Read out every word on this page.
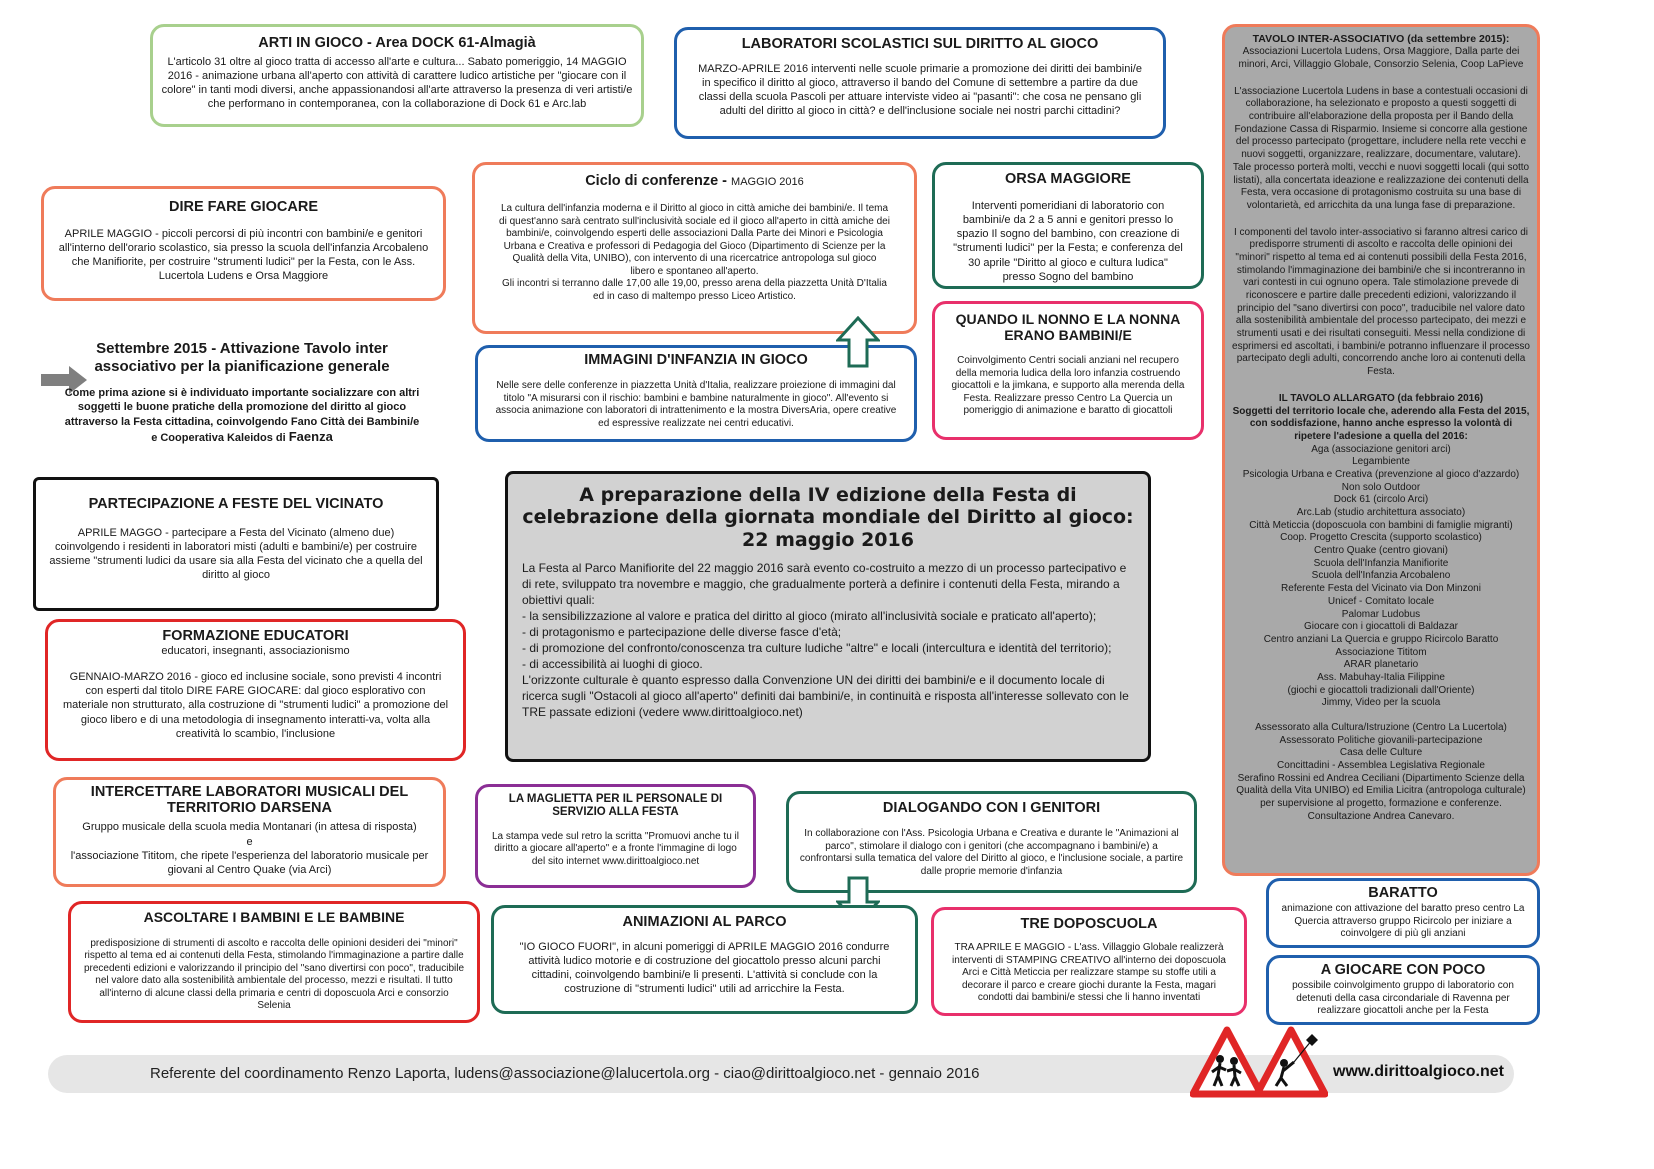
ARTI IN GIOCO - Area DOCK 61-Almagià

L'articolo 31 oltre al gioco tratta di accesso all'arte e cultura... Sabato pomeriggio, 14 MAGGIO 2016 - animazione urbana all'aperto con attività di carattere ludico artistiche per "giocare con il colore" in tanti modi diversi, anche appassionandosi all'arte attraverso la presenza di veri artisti/e che performano in contemporanea, con la collaborazione di Dock 61 e Arc.lab

LABORATORI SCOLASTICI SUL DIRITTO AL GIOCO

MARZO-APRILE 2016 interventi nelle scuole primarie a promozione dei diritti dei bambini/e in specifico il diritto al gioco, attraverso il bando del Comune di settembre a partire da due classi della scuola Pascoli per attuare interviste video ai "pasanti": che cosa ne pensano gli adulti del diritto al gioco in città? e dell'inclusione sociale nei nostri parchi cittadini?

DIRE FARE GIOCARE

APRILE MAGGIO - piccoli percorsi di più incontri con bambini/e e genitori all'interno dell'orario scolastico, sia presso la scuola dell'infanzia Arcobaleno che Manifiorite, per costruire "strumenti ludici" per la Festa, con le Ass. Lucertola Ludens e Orsa Maggiore

Ciclo di conferenze - MAGGIO 2016

La cultura dell'infanzia moderna e il Diritto al gioco in città amiche dei bambini/e. Il tema di quest'anno sarà centrato sull'inclusività sociale ed il gioco all'aperto in città amiche dei bambini/e, coinvolgendo esperti delle associazioni Dalla Parte dei Minori e Psicologia Urbana e Creativa e professori di Pedagogia del Gioco (Dipartimento di Scienze per la Qualità della Vita, UNIBO), con intervento di una ricercatrice antropologa sul gioco libero e spontaneo all'aperto.

Gli incontri si terranno dalle 17,00 alle 19,00, presso arena della piazzetta Unità D'Italia ed in caso di maltempo presso Liceo Artistico.

ORSA MAGGIORE

Interventi pomeridiani di laboratorio con bambini/e da 2 a 5 anni e genitori presso lo spazio Il sogno del bambino, con creazione di "strumenti ludici" per la Festa; e conferenza del 30 aprile "Diritto al gioco e cultura ludica" presso Sogno del bambino

Settembre 2015 - Attivazione Tavolo inter associativo per la pianificazione generale
Come prima azione si è individuato importante socializzare con altri soggetti le buone pratiche della promozione del diritto al gioco attraverso la Festa cittadina, coinvolgendo Fano Città dei Bambini/e e Cooperativa Kaleidos di Faenza
QUANDO IL NONNO E LA NONNA ERANO BAMBINI/E

Coinvolgimento Centri sociali anziani nel recupero della memoria ludica della loro infanzia costruendo giocattoli e la jimkana, e supporto alla merenda della Festa. Realizzare presso Centro La Quercia un pomeriggio di animazione e baratto di giocattoli

IMMAGINI D'INFANZIA IN GIOCO

Nelle sere delle conferenze in piazzetta Unità d'Italia, realizzare proiezione di immagini dal titolo "A misurarsi con il rischio: bambini e bambine naturalmente in gioco". All'evento si associa animazione con laboratori di intrattenimento e la mostra DiversAria, opere creative ed espressive realizzate nei centri educativi.

PARTECIPAZIONE A FESTE DEL VICINATO

APRILE MAGGO - partecipare a Festa del Vicinato (almeno due) coinvolgendo i residenti in laboratori misti (adulti e bambini/e) per costruire assieme "strumenti ludici da usare sia alla Festa del vicinato che a quella del diritto al gioco

A preparazione della IV edizione della Festa di celebrazione della giornata mondiale del Diritto al gioco: 22 maggio 2016

La Festa al Parco Manifiorite del 22 maggio 2016 sarà evento co-costruito a mezzo di un processo partecipativo e di rete, sviluppato tra novembre e maggio, che gradualmente porterà a definire i contenuti della Festa, mirando a obiettivi quali:

- la sensibilizzazione al valore e pratica del diritto al gioco (mirato all'inclusività sociale e praticato all'aperto);

- di protagonismo e partecipazione delle diverse fasce d'età;

- di promozione del confronto/conoscenza tra culture ludiche "altre" e locali (intercultura e identità del territorio);

- di accessibilità ai luoghi di gioco.

L'orizzonte culturale è quanto espresso dalla Convenzione UN dei diritti dei bambini/e e il documento locale di ricerca sugli "Ostacoli al gioco all'aperto" definiti dai bambini/e, in continuità e risposta all'interesse sollevato con le TRE passate edizioni (vedere www.dirittoalgioco.net)

FORMAZIONE EDUCATORI

educatori, insegnanti, associazionismo

GENNAIO-MARZO 2016 - gioco ed inclusine sociale, sono previsti 4 incontri con esperti dal titolo DIRE FARE GIOCARE: dal gioco esplorativo con materiale non strutturato, alla costruzione di "strumenti ludici" a promozione del gioco libero e di una metodologia di insegnamento interatti-va, volta alla creatività lo scambio, l'inclusione

INTERCETTARE LABORATORI MUSICALI DEL TERRITORIO DARSENA

Gruppo musicale della scuola media Montanari (in attesa di risposta)

e

l'associazione Tititom, che ripete l'esperienza del laboratorio musicale per giovani al Centro Quake (via Arci)

LA MAGLIETTA PER IL PERSONALE DI SERVIZIO ALLA FESTA

La stampa vede sul retro la scritta "Promuovi anche tu il diritto a giocare all'aperto" e a fronte l'immagine di logo del sito internet www.dirittoalgioco.net

DIALOGANDO CON I GENITORI

In collaborazione con l'Ass. Psicologia Urbana e Creativa e durante le "Animazioni al parco", stimolare il dialogo con i genitori (che accompagnano i bambini/e) a confrontarsi sulla tematica del valore del Diritto al gioco, e l'inclusione sociale, a partire dalle proprie memorie d'infanzia

ASCOLTARE I BAMBINI E LE BAMBINE

predisposizione di strumenti di ascolto e raccolta delle opinioni desideri dei "minori" rispetto al tema ed ai contenuti della Festa, stimolando l'immaginazione a partire dalle precedenti edizioni e valorizzando il principio del "sano divertirsi con poco", traducibile nel valore dato alla sostenibilità ambientale del processo, mezzi e risultati. Il tutto all'interno di alcune classi della primaria e centri di doposcuola Arci e consorzio Selenia

ANIMAZIONI AL PARCO

"IO GIOCO FUORI", in alcuni pomeriggi di APRILE MAGGIO 2016 condurre attività ludico motorie e di costruzione del giocattolo presso alcuni parchi cittadini, coinvolgendo bambini/e li presenti. L'attività si conclude con la costruzione di "strumenti ludici" utili ad arricchire la Festa.

TRE DOPOSCUOLA

TRA APRILE E MAGGIO - L'ass. Villaggio Globale realizzerà interventi di STAMPING CREATIVO all'interno dei doposcuola Arci e Città Meticcia per realizzare stampe su stoffe utili a decorare il parco e creare giochi durante la Festa, magari condotti dai bambini/e stessi che li hanno inventati

BARATTO

animazione con attivazione del baratto preso centro La Quercia attraverso gruppo Ricircolo per iniziare a coinvolgere di più gli anziani

A GIOCARE CON POCO

possibile coinvolgimento gruppo di laboratorio con detenuti della casa circondariale di Ravenna per realizzare giocattoli anche per la Festa

TAVOLO INTER-ASSOCIATIVO (da settembre 2015):

Associazioni Lucertola Ludens, Orsa Maggiore, Dalla parte dei minori, Arci, Villaggio Globale, Consorzio Selenia, Coop LaPieve

L'associazione Lucertola Ludens in base a contestuali occasioni di collaborazione, ha selezionato e proposto a questi soggetti di contribuire all'elaborazione della proposta per il Bando della Fondazione Cassa di Risparmio. Insieme si concorre alla gestione del processo partecipato (progettare, includere nella rete vecchi e nuovi soggetti, organizzare, realizzare, documentare, valutare). Tale processo porterà molti, vecchi e nuovi soggetti locali (qui sotto listati), alla concertata ideazione e realizzazione dei contenuti della Festa, vera occasione di protagonismo costruita su una base di volontarietà, ed arricchita da una lunga fase di preparazione.

I componenti del tavolo inter-associativo si faranno altresi carico di predisporre strumenti di ascolto e raccolta delle opinioni dei "minori" rispetto al tema ed ai contenuti possibili della Festa 2016, stimolando l'immaginazione dei bambini/e che si incontreranno in vari contesti in cui ognuno opera. Tale stimolazione prevede di riconoscere e partire dalle precedenti edizioni, valorizzando il principio del "sano divertirsi con poco", traducibile nel valore dato alla sostenibilità ambientale del processo partecipato, dei mezzi e strumenti usati e dei risultati conseguiti. Messi nella condizione di esprimersi ed ascoltati, i bambini/e potranno influenzare il processo partecipato degli adulti, concorrendo anche loro ai contenuti della Festa.

IL TAVOLO ALLARGATO (da febbraio 2016)

Soggetti del territorio locale che, aderendo alla Festa del 2015, con soddisfazione, hanno anche espresso la volontà di ripetere l'adesione a quella del 2016:

Aga (associazione genitori arci)

Legambiente

Psicologia Urbana e Creativa (prevenzione al gioco d'azzardo)

Non solo Outdoor

Dock 61 (circolo Arci)

Arc.Lab (studio architettura associato)

Città Meticcia (doposcuola con bambini di famiglie migranti)

Coop. Progetto Crescita (supporto scolastico)

Centro Quake (centro giovani)

Scuola dell'Infanzia Manifiorite

Scuola dell'Infanzia Arcobaleno

Referente Festa del Vicinato via Don Minzoni

Unicef - Comitato locale

Palomar Ludobus

Giocare con i giocattoli di Baldazar

Centro anziani La Quercia e gruppo Ricircolo Baratto

Associazione Tititom

ARAR planetario

Ass. Mabuhay-Italia Filippine

(giochi e giocattoli tradizionali dall'Oriente)

Jimmy, Video per la scuola

Assessorato alla Cultura/Istruzione (Centro La Lucertola)

Assessorato Politiche giovanili-partecipazione

Casa delle Culture

Concittadini - Assemblea Legislativa Regionale

Serafino Rossini ed Andrea Ceciliani (Dipartimento Scienze della Qualità della Vita UNIBO) ed Emilia Licitra (antropologa culturale) per supervisione al progetto, formazione e conferenze. Consultazione Andrea Canevaro.

Referente del coordinamento Renzo Laporta, ludens@associazione@lalucertola.org - ciao@dirittoalgioco.net - gennaio 2016	www.dirittoalgioco.net
